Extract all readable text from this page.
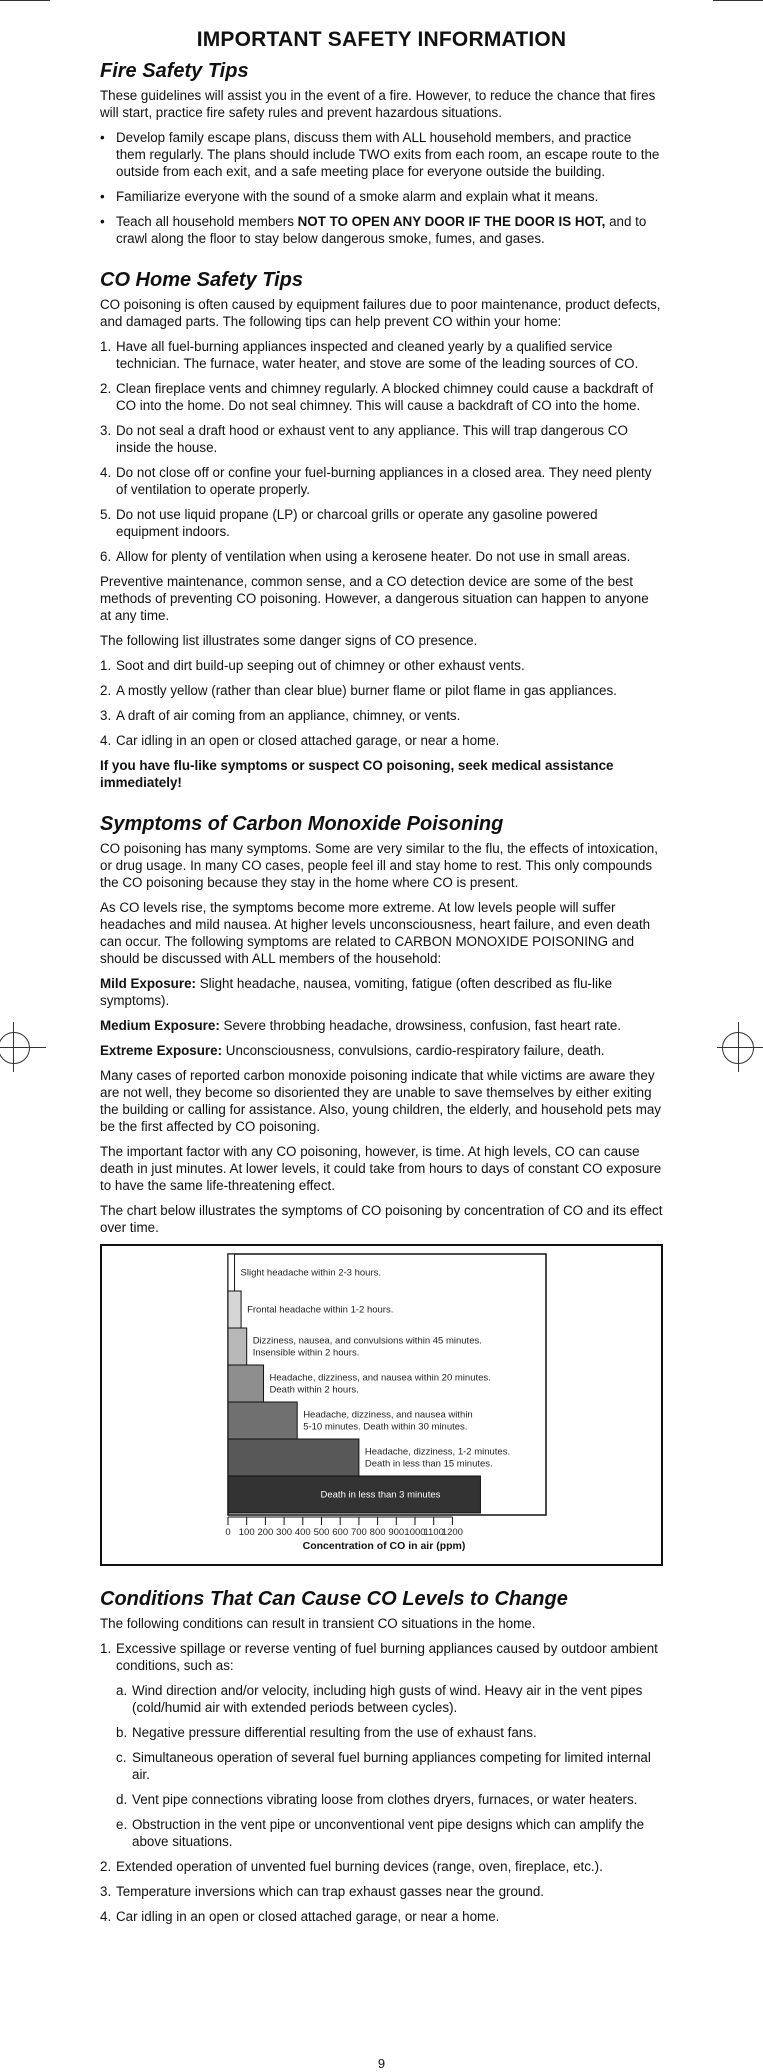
IMPORTANT SAFETY INFORMATION
Fire Safety Tips

These guidelines will assist you in the event of a fire. However, to reduce the chance that fires will start, practice fire safety rules and prevent hazardous situations.

• Develop family escape plans, discuss them with ALL household members, and practice them regularly. The plans should include TWO exits from each room, an escape route to the outside from each exit, and a safe meeting place for everyone outside the building.
• Familiarize everyone with the sound of a smoke alarm and explain what it means.
• Teach all household members NOT TO OPEN ANY DOOR IF THE DOOR IS HOT, and to crawl along the floor to stay below dangerous smoke, fumes, and gases.
CO Home Safety Tips

CO poisoning is often caused by equipment failures due to poor maintenance, product defects, and damaged parts. The following tips can help prevent CO within your home:

1. Have all fuel-burning appliances inspected and cleaned yearly by a qualified service technician. The furnace, water heater, and stove are some of the leading sources of CO.
2. Clean fireplace vents and chimney regularly. A blocked chimney could cause a backdraft of CO into the home. Do not seal chimney. This will cause a backdraft of CO into the home.
3. Do not seal a draft hood or exhaust vent to any appliance. This will trap dangerous CO inside the house.
4. Do not close off or confine your fuel-burning appliances in a closed area. They need plenty of ventilation to operate properly.
5. Do not use liquid propane (LP) or charcoal grills or operate any gasoline powered equipment indoors.
6. Allow for plenty of ventilation when using a kerosene heater. Do not use in small areas.

Preventive maintenance, common sense, and a CO detection device are some of the best methods of preventing CO poisoning. However, a dangerous situation can happen to anyone at any time.

The following list illustrates some danger signs of CO presence.

1. Soot and dirt build-up seeping out of chimney or other exhaust vents.
2. A mostly yellow (rather than clear blue) burner flame or pilot flame in gas appliances.
3. A draft of air coming from an appliance, chimney, or vents.
4. Car idling in an open or closed attached garage, or near a home.

If you have flu-like symptoms or suspect CO poisoning, seek medical assistance immediately!

Symptoms of Carbon Monoxide Poisoning

CO poisoning has many symptoms. Some are very similar to the flu, the effects of intoxication, or drug usage. In many CO cases, people feel ill and stay home to rest. This only compounds the CO poisoning because they stay in the home where CO is present.

As CO levels rise, the symptoms become more extreme. At low levels people will suffer headaches and mild nausea. At higher levels unconsciousness, heart failure, and even death can occur. The following symptoms are related to CARBON MONOXIDE POISONING and should be discussed with ALL members of the household:

Mild Exposure: Slight headache, nausea, vomiting, fatigue (often described as flu-like symptoms).

Medium Exposure: Severe throbbing headache, drowsiness, confusion, fast heart rate.

Extreme Exposure: Unconsciousness, convulsions, cardio-respiratory failure, death.

Many cases of reported carbon monoxide poisoning indicate that while victims are aware they are not well, they become so disoriented they are unable to save themselves by either exiting the building or calling for assistance. Also, young children, the elderly, and household pets may be the first affected by CO poisoning.

The important factor with any CO poisoning, however, is time. At high levels, CO can cause death in just minutes. At lower levels, it could take from hours to days of constant CO exposure to have the same life-threatening effect.

The chart below illustrates the symptoms of CO poisoning by concentration of CO and its effect over time.

Slight headache within 2-3 hours.
Frontal headache within 1-2 hours.
Dizziness, nausea, and convulsions within 45 minutes.
Insensible within 2 hours.
Headache, dizziness, and nausea within 20 minutes.
Death within 2 hours.
Headache, dizziness, and nausea within
5-10 minutes. Death within 30 minutes.
Headache, dizziness, 1-2 minutes.
Death in less than 15 minutes.
Death in less than 3 minutes
0 100 200 300 400 500 600 700 800 900 1000
1100
1200
Concentration of CO in air (ppm)
Conditions That Can Cause CO Levels to Change

The following conditions can result in transient CO situations in the home.

1. Excessive spillage or reverse venting of fuel burning appliances caused by outdoor ambient conditions, such as:
a. Wind direction and/or velocity, including high gusts of wind. Heavy air in the vent pipes (cold/humid air with extended periods between cycles).
b. Negative pressure differential resulting from the use of exhaust fans.
c. Simultaneous operation of several fuel burning appliances competing for limited internal air.
d. Vent pipe connections vibrating loose from clothes dryers, furnaces, or water heaters.
e. Obstruction in the vent pipe or unconventional vent pipe designs which can amplify the above situations.
2. Extended operation of unvented fuel burning devices (range, oven, fireplace, etc.).
3. Temperature inversions which can trap exhaust gasses near the ground.
4. Car idling in an open or closed attached garage, or near a home.
9
